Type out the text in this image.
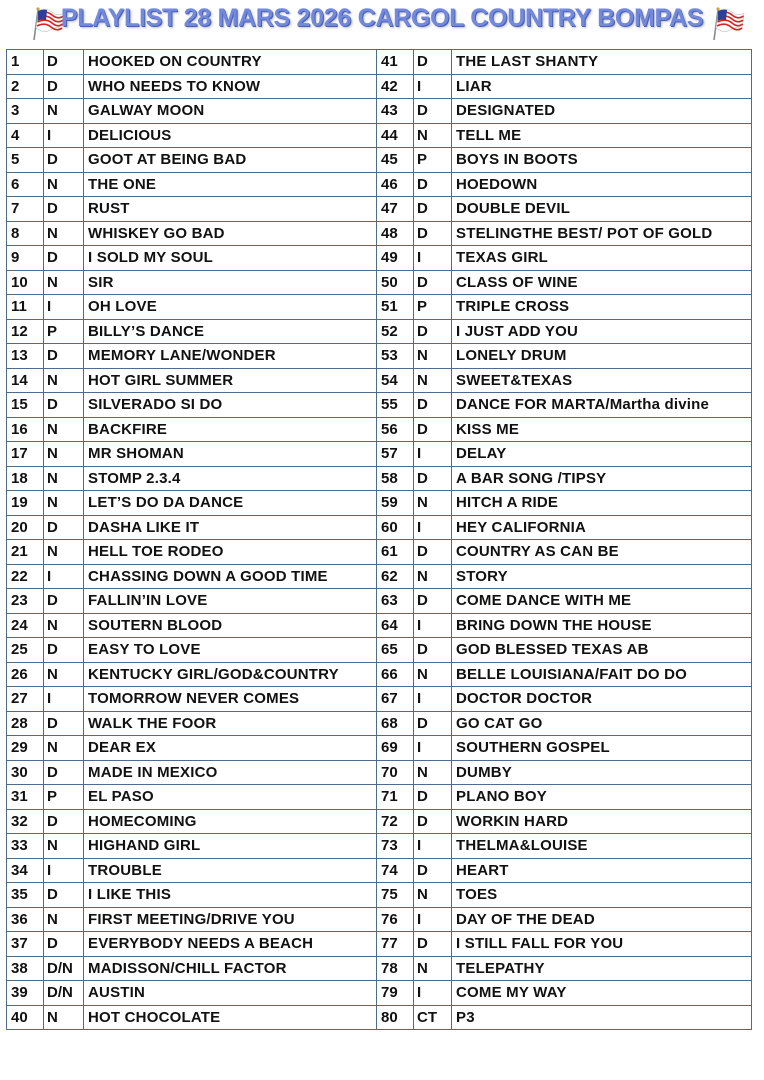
PLAYLIST 28 MARS 2026 CARGOL COUNTRY BOMPAS
1	D	HOOKED ON COUNTRY	41	D	THE LAST SHANTY
2	D	WHO NEEDS TO KNOW	42	I	LIAR
3	N	GALWAY MOON	43	D	DESIGNATED
4	I	DELICIOUS	44	N	TELL ME
5	D	GOOT AT BEING BAD	45	P	BOYS IN BOOTS
6	N	THE ONE	46	D	HOEDOWN
7	D	RUST	47	D	DOUBLE DEVIL
8	N	WHISKEY GO BAD	48	D	STELINGTHE BEST/ POT OF GOLD
9	D	I SOLD MY SOUL	49	I	TEXAS GIRL
10	N	SIR	50	D	CLASS OF WINE
11	I	OH LOVE	51	P	TRIPLE CROSS
12	P	BILLY’S DANCE	52	D	I JUST ADD YOU
13	D	MEMORY LANE/WONDER	53	N	LONELY DRUM
14	N	HOT GIRL SUMMER	54	N	SWEET&TEXAS
15	D	SILVERADO SI DO	55	D	DANCE FOR MARTA/Martha divine
16	N	BACKFIRE	56	D	KISS ME
17	N	MR SHOMAN	57	I	DELAY
18	N	STOMP 2.3.4	58	D	A BAR SONG /TIPSY
19	N	LET’S DO DA DANCE	59	N	HITCH A RIDE
20	D	DASHA LIKE IT	60	I	HEY CALIFORNIA
21	N	HELL TOE RODEO	61	D	COUNTRY AS CAN BE
22	I	CHASSING DOWN A GOOD TIME	62	N	STORY
23	D	FALLIN’IN LOVE	63	D	COME DANCE WITH ME
24	N	SOUTERN BLOOD	64	I	BRING DOWN THE HOUSE
25	D	EASY TO LOVE	65	D	GOD BLESSED TEXAS AB
26	N	KENTUCKY GIRL/GOD&COUNTRY	66	N	BELLE LOUISIANA/FAIT DO DO
27	I	TOMORROW NEVER COMES	67	I	DOCTOR DOCTOR
28	D	WALK THE FOOR	68	D	GO CAT GO
29	N	DEAR EX	69	I	SOUTHERN GOSPEL
30	D	MADE IN MEXICO	70	N	DUMBY
31	P	EL PASO	71	D	PLANO BOY
32	D	HOMECOMING	72	D	WORKIN HARD
33	N	HIGHAND GIRL	73	I	THELMA&LOUISE
34	I	TROUBLE	74	D	HEART
35	D	I LIKE THIS	75	N	TOES
36	N	FIRST MEETING/DRIVE YOU	76	I	DAY OF THE DEAD
37	D	EVERYBODY NEEDS A BEACH	77	D	I STILL FALL FOR YOU
38	D/N	MADISSON/CHILL FACTOR	78	N	TELEPATHY
39	D/N	AUSTIN	79	I	COME MY WAY
40	N	HOT CHOCOLATE	80	CT	P3
